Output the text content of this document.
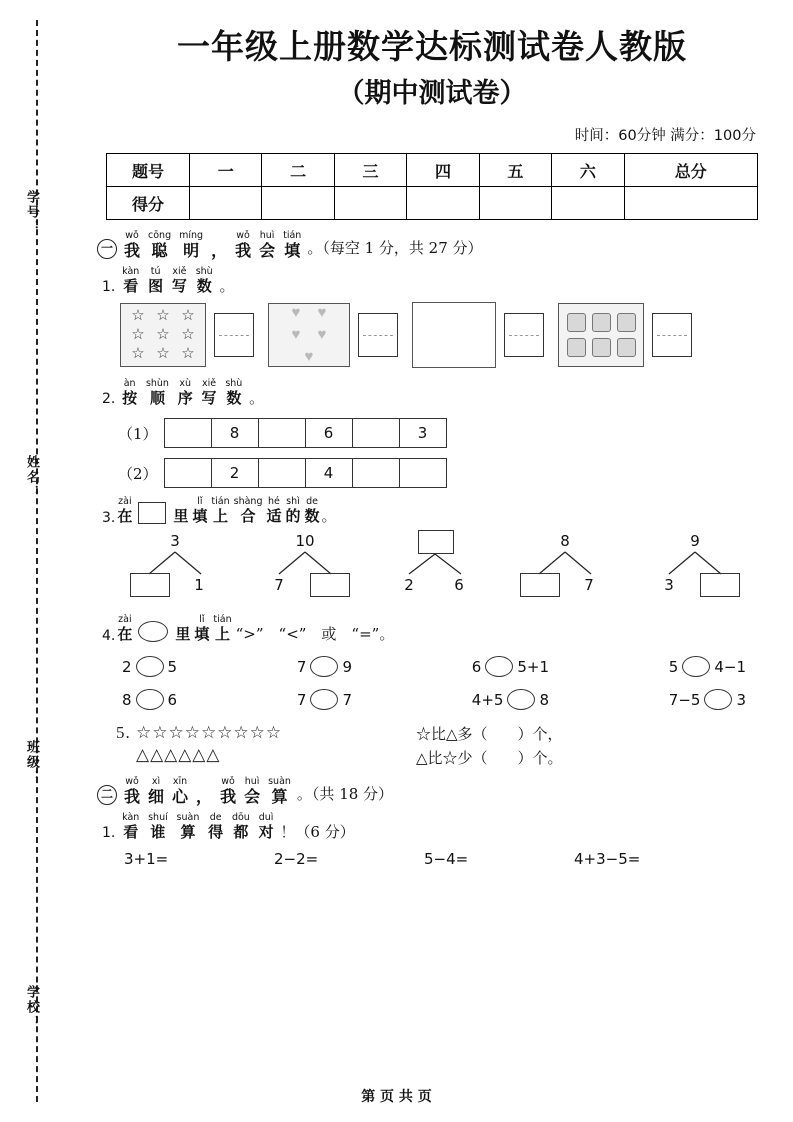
学号：
姓名：
班级：
学校：
一年级上册数学达标测试卷人教版
（期中测试卷）
时间：60分钟 满分：100分
题号	一	二	三	四	五	六	总分
得分							
一
wǒ
我

cōng
聪

míng
明
，

wǒ
我

huì
会

tián
填 。（每空 1 分，共 27 分）
1.
kàn
看

tú
图

xiě
写

shù
数 。
☆ ☆ ☆
☆ ☆ ☆
☆ ☆ ☆
♥	♥
♥	♥
♥
2.
àn
按

shùn
顺

xù
序

xiě
写

shù
数 。
（1）
		8		6		3
（2）
		2		4		
3.
zài
在	里
lǐ
填
tián
上
shàng
合
hé
适
shì
的
de
数 。
3
1
10
7	2	6
8
7
9
3
4.
zài
在	里
lǐ
填
tián
上 “>”　“<”　或　“=”。
2 5	7 9	6 5+1	5 4−1
8 6	7 7	4+5 8	7−5 3
5. ☆☆☆☆☆☆☆☆☆
△△△△△△
☆比△多（　　）个，
△比☆少（　　）个。
二
wǒ
我

xì
细

xīn
心
，

wǒ
我

huì
会

suàn
算 。（共 18 分）
1.
kàn
看

shuí
谁

suàn
算

de
得

dōu
都

duì
对 ！（6 分）
3+1=	2−2=	5−4=	4+3−5=
第 页 共 页
